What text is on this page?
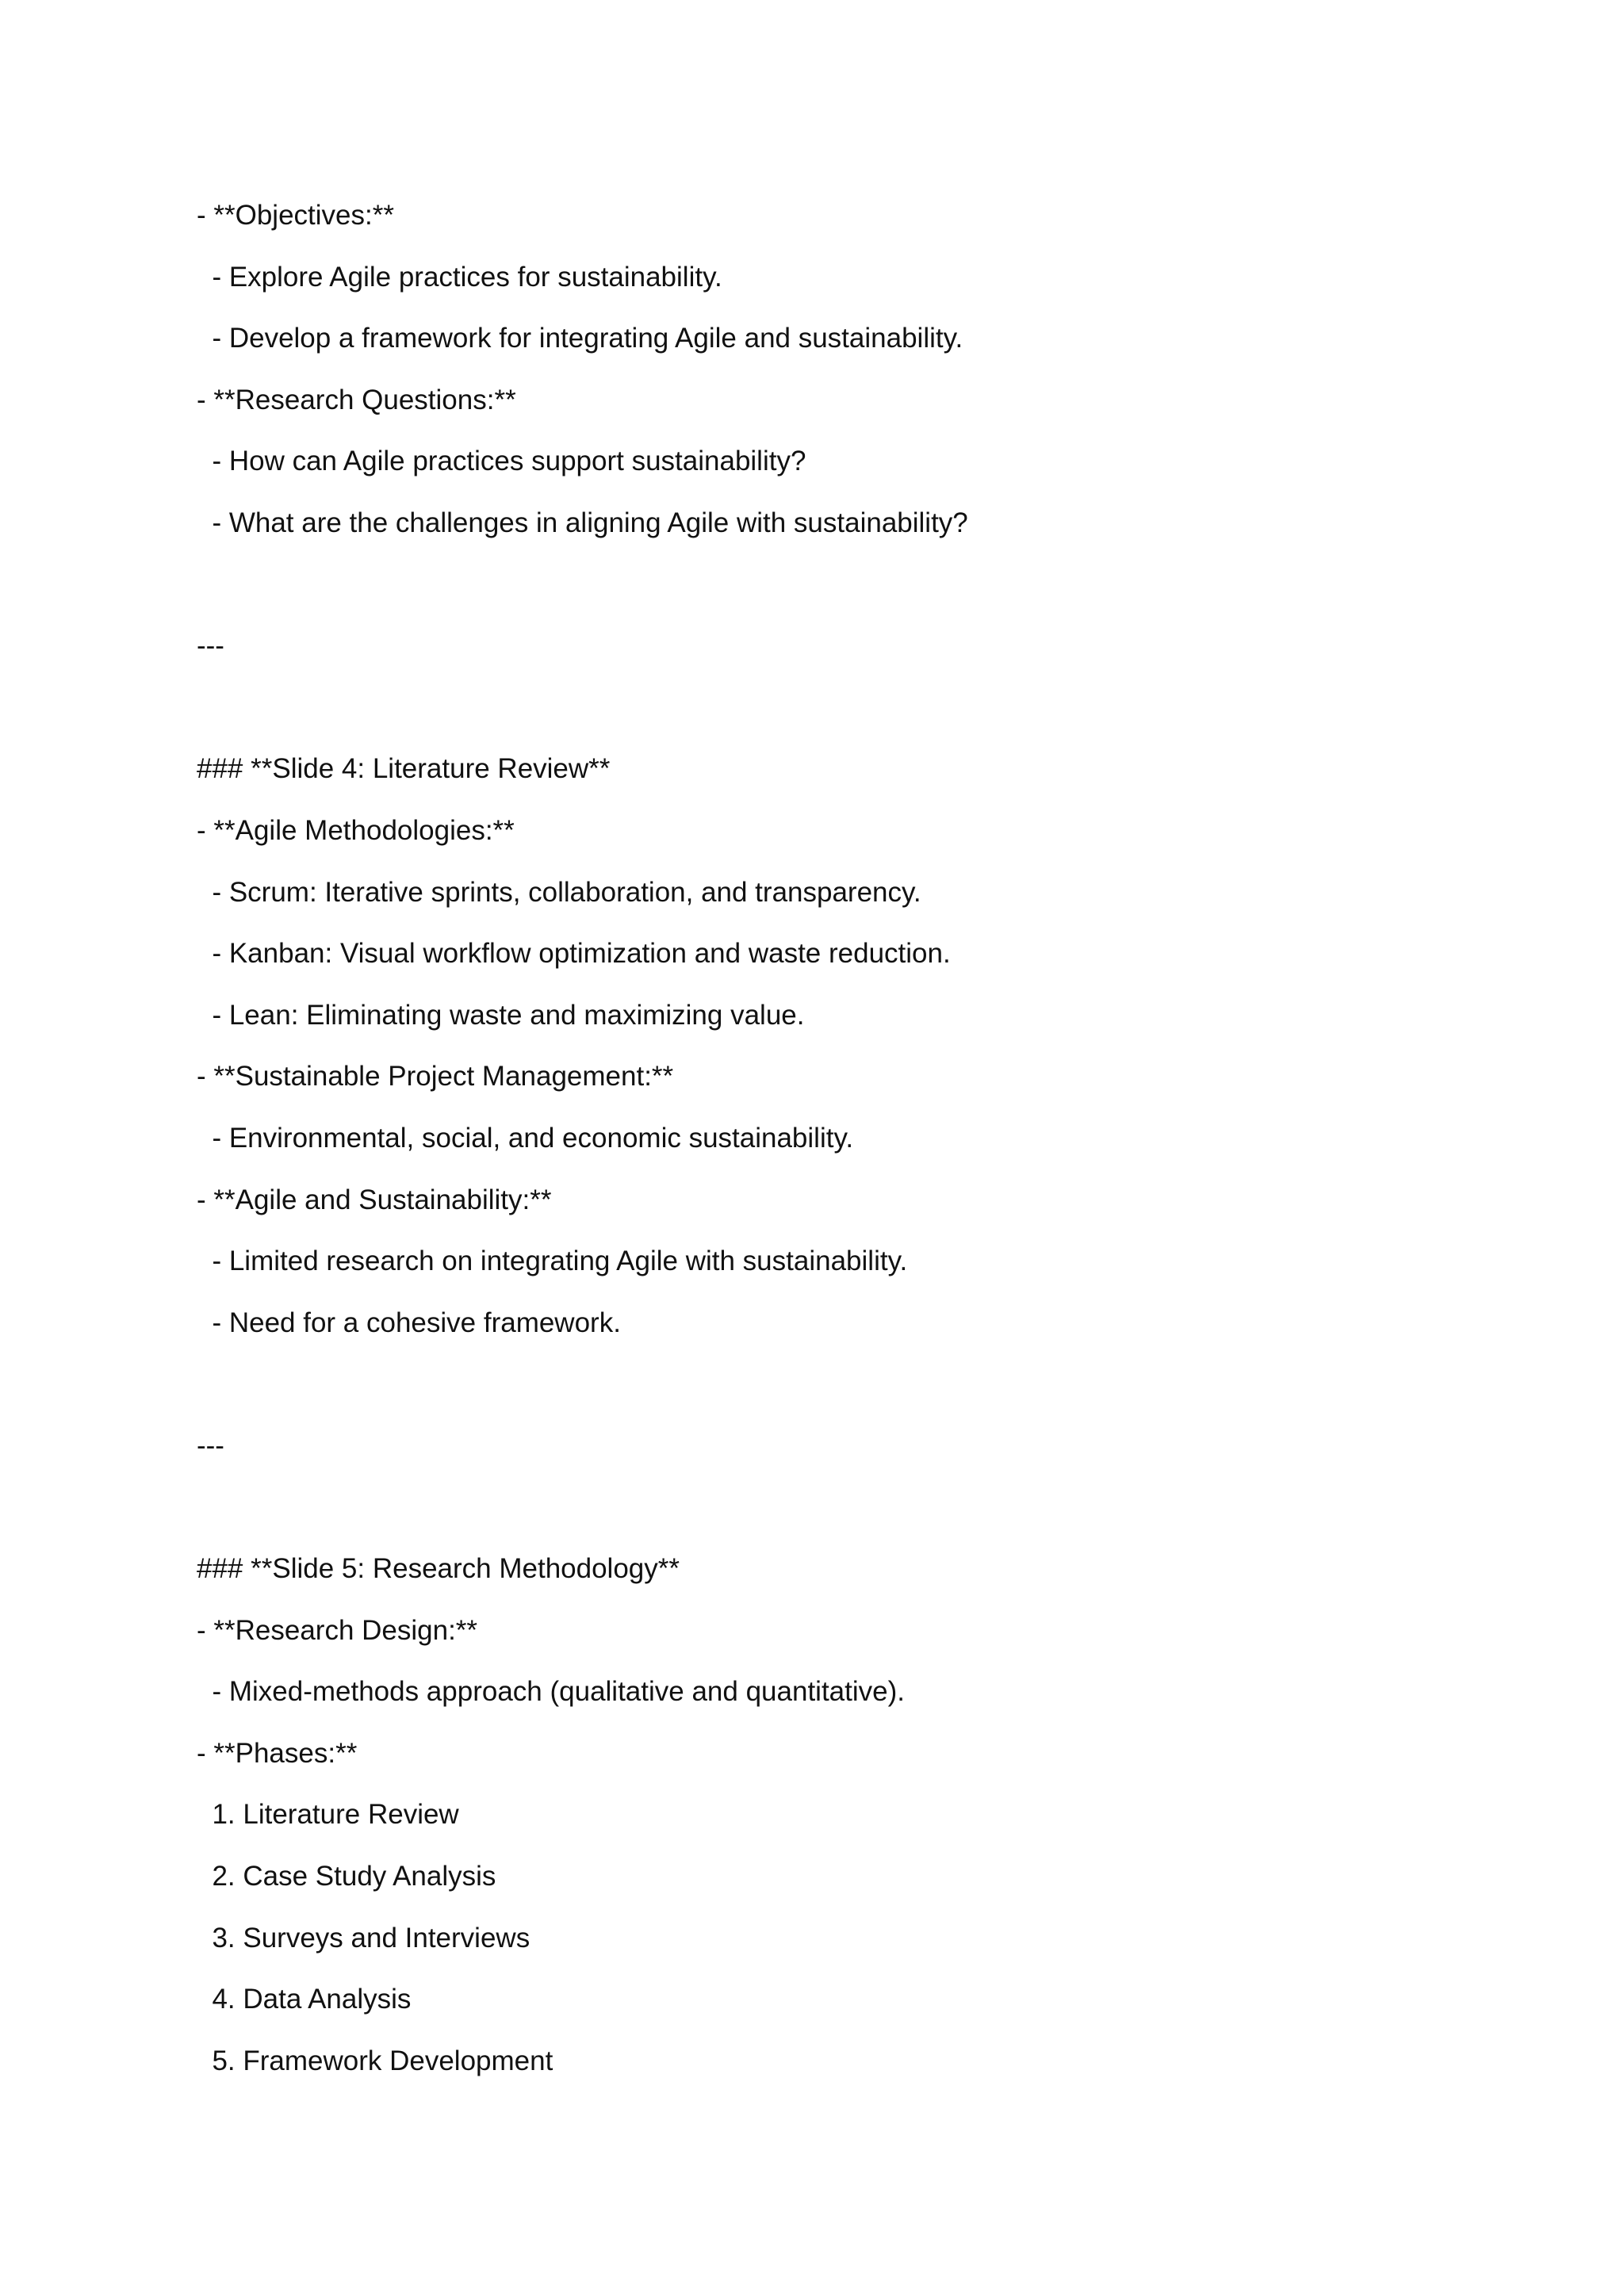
- **Objectives:**

- Explore Agile practices for sustainability.

- Develop a framework for integrating Agile and sustainability.

- **Research Questions:**

- How can Agile practices support sustainability?

- What are the challenges in aligning Agile with sustainability?

---

### **Slide 4: Literature Review**

- **Agile Methodologies:**

- Scrum: Iterative sprints, collaboration, and transparency.

- Kanban: Visual workflow optimization and waste reduction.

- Lean: Eliminating waste and maximizing value.

- **Sustainable Project Management:**

- Environmental, social, and economic sustainability.

- **Agile and Sustainability:**

- Limited research on integrating Agile with sustainability.

- Need for a cohesive framework.

---

### **Slide 5: Research Methodology**

- **Research Design:**

- Mixed-methods approach (qualitative and quantitative).

- **Phases:**

1. Literature Review

2. Case Study Analysis

3. Surveys and Interviews

4. Data Analysis

5. Framework Development
